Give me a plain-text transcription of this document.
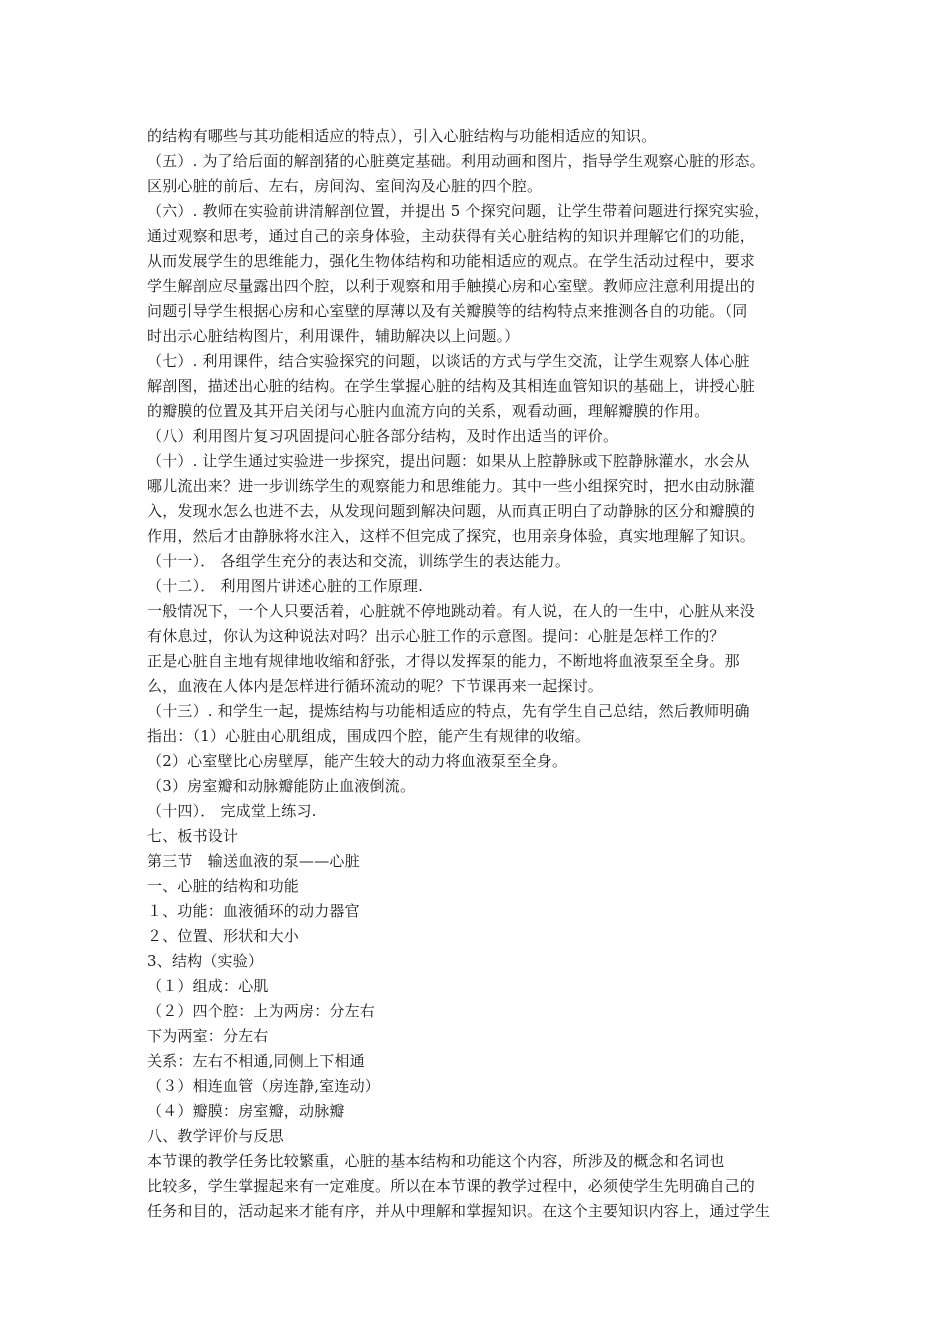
的结构有哪些与其功能相适应的特点），引入心脏结构与功能相适应的知识。
（五）. 为了给后面的解剖猪的心脏奠定基础。利用动画和图片，指导学生观察心脏的形态。
区别心脏的前后、左右，房间沟、室间沟及心脏的四个腔。
（六）. 教师在实验前讲清解剖位置，并提出 5 个探究问题，让学生带着问题进行探究实验，
通过观察和思考，通过自己的亲身体验，主动获得有关心脏结构的知识并理解它们的功能，
从而发展学生的思维能力，强化生物体结构和功能相适应的观点。在学生活动过程中，要求
学生解剖应尽量露出四个腔，以利于观察和用手触摸心房和心室壁。教师应注意利用提出的
问题引导学生根据心房和心室壁的厚薄以及有关瓣膜等的结构特点来推测各自的功能。（同
时出示心脏结构图片，利用课件，辅助解决以上问题。）
（七）. 利用课件，结合实验探究的问题，以谈话的方式与学生交流，让学生观察人体心脏
解剖图，描述出心脏的结构。在学生掌握心脏的结构及其相连血管知识的基础上，讲授心脏
的瓣膜的位置及其开启关闭与心脏内血流方向的关系，观看动画，理解瓣膜的作用。
（八）利用图片复习巩固提问心脏各部分结构，及时作出适当的评价。
（十）. 让学生通过实验进一步探究，提出问题：如果从上腔静脉或下腔静脉灌水，水会从
哪儿流出来？进一步训练学生的观察能力和思维能力。其中一些小组探究时，把水由动脉灌
入，发现水怎么也进不去，从发现问题到解决问题，从而真正明白了动静脉的区分和瓣膜的
作用，然后才由静脉将水注入，这样不但完成了探究，也用亲身体验，真实地理解了知识。
（十一）． 各组学生充分的表达和交流，训练学生的表达能力。
（十二）． 利用图片讲述心脏的工作原理.
一般情况下，一个人只要活着，心脏就不停地跳动着。有人说，在人的一生中，心脏从来没
有休息过，你认为这种说法对吗？出示心脏工作的示意图。提问：心脏是怎样工作的？
正是心脏自主地有规律地收缩和舒张，才得以发挥泵的能力，不断地将血液泵至全身。那
么，血液在人体内是怎样进行循环流动的呢？下节课再来一起探讨。
（十三）. 和学生一起，提炼结构与功能相适应的特点，先有学生自己总结，然后教师明确
指出：（1）心脏由心肌组成，围成四个腔，能产生有规律的收缩。
（2）心室壁比心房壁厚，能产生较大的动力将血液泵至全身。
（3）房室瓣和动脉瓣能防止血液倒流。
（十四）． 完成堂上练习.
七、板书设计
第三节　输送血液的泵——心脏
一、心脏的结构和功能
１、功能：血液循环的动力器官
２、位置、形状和大小
3、结构（实验）
（１）组成：心肌
（２）四个腔：上为两房：分左右
下为两室：分左右
关系：左右不相通,同侧上下相通
（３）相连血管（房连静,室连动）
（４）瓣膜：房室瓣，动脉瓣
八、教学评价与反思
本节课的教学任务比较繁重，心脏的基本结构和功能这个内容，所涉及的概念和名词也
比较多，学生掌握起来有一定难度。所以在本节课的教学过程中，必须使学生先明确自己的
任务和目的，活动起来才能有序，并从中理解和掌握知识。在这个主要知识内容上，通过学生
